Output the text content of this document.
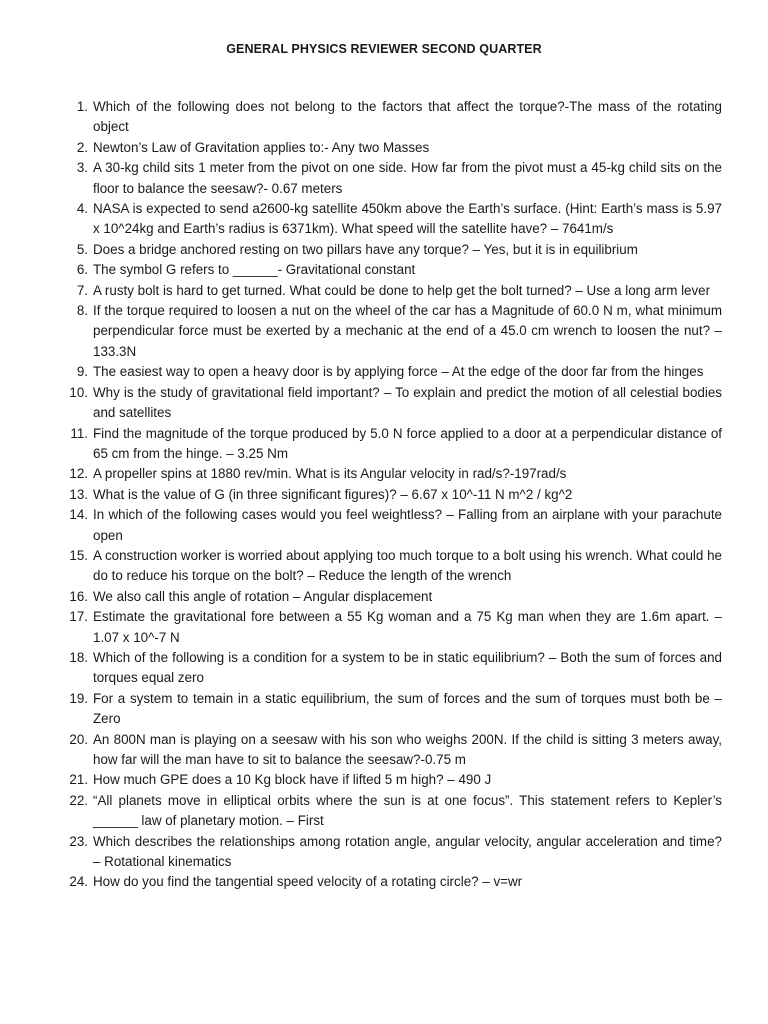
GENERAL PHYSICS REVIEWER SECOND QUARTER
1. Which of the following does not belong to the factors that affect the torque?-The mass of the rotating object
2. Newton’s Law of Gravitation applies to:- Any two Masses
3. A 30-kg child sits 1 meter from the pivot on one side. How far from the pivot must a 45-kg child sits on the floor to balance the seesaw?- 0.67 meters
4. NASA is expected to send a2600-kg satellite 450km above the Earth’s surface. (Hint: Earth’s mass is 5.97 x 10^24kg and Earth’s radius is 6371km). What speed will the satellite have? – 7641m/s
5. Does a bridge anchored resting on two pillars have any torque? – Yes, but it is in equilibrium
6. The symbol G refers to ______- Gravitational constant
7. A rusty bolt is hard to get turned. What could be done to help get the bolt turned? – Use a long arm lever
8. If the torque required to loosen a nut on the wheel of the car has a Magnitude of 60.0 N m, what minimum perpendicular force must be exerted by a mechanic at the end of a 45.0 cm wrench to loosen the nut? – 133.3N
9. The easiest way to open a heavy door is by applying force – At the edge of the door far from the hinges
10. Why is the study of gravitational field important? – To explain and predict the motion of all celestial bodies and satellites
11. Find the magnitude of the torque produced by 5.0 N force applied to a door at a perpendicular distance of 65 cm from the hinge. – 3.25 Nm
12. A propeller spins at 1880 rev/min. What is its Angular velocity in rad/s?-197rad/s
13. What is the value of G (in three significant figures)? – 6.67 x 10^-11 N m^2 / kg^2
14. In which of the following cases would you feel weightless? – Falling from an airplane with your parachute open
15. A construction worker is worried about applying too much torque to a bolt using his wrench. What could he do to reduce his torque on the bolt? – Reduce the length of the wrench
16. We also call this angle of rotation – Angular displacement
17. Estimate the gravitational fore between a 55 Kg woman and a 75 Kg man when they are 1.6m apart. – 1.07 x 10^-7 N
18. Which of the following is a condition for a system to be in static equilibrium? – Both the sum of forces and torques equal zero
19. For a system to temain in a static equilibrium, the sum of forces and the sum of torques must both be – Zero
20. An 800N man is playing on a seesaw with his son who weighs 200N. If the child is sitting 3 meters away, how far will the man have to sit to balance the seesaw?-0.75 m
21. How much GPE does a 10 Kg block have if lifted 5 m high? – 490 J
22. “All planets move in elliptical orbits where the sun is at one focus”. This statement refers to Kepler’s ______ law of planetary motion. – First
23. Which describes the relationships among rotation angle, angular velocity, angular acceleration and time? – Rotational kinematics
24. How do you find the tangential speed velocity of a rotating circle? – v=wr
